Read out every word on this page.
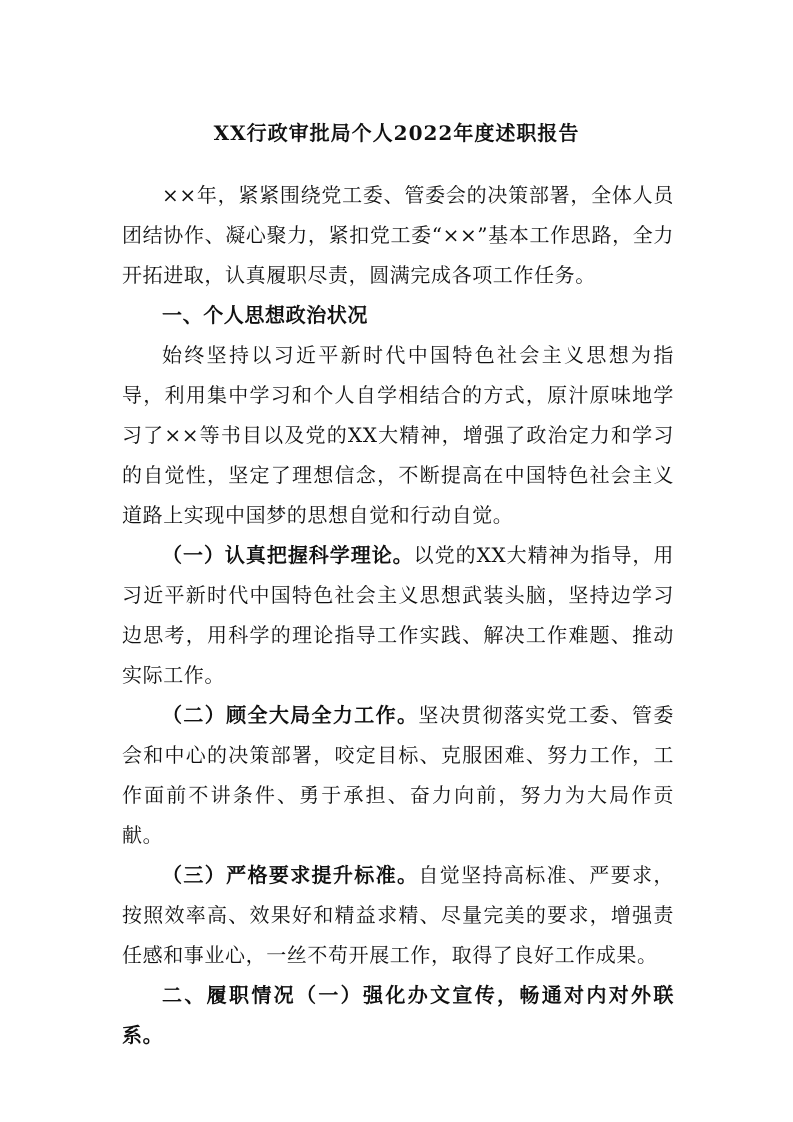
XX行政审批局个人2022年度述职报告

××年，紧紧围绕党工委、管委会的决策部署，全体人员团结协作、凝心聚力，紧扣党工委“××”基本工作思路，全力开拓进取，认真履职尽责，圆满完成各项工作任务。

一、个人思想政治状况

始终坚持以习近平新时代中国特色社会主义思想为指导，利用集中学习和个人自学相结合的方式，原汁原味地学习了××等书目以及党的XX大精神，增强了政治定力和学习的自觉性，坚定了理想信念，不断提高在中国特色社会主义道路上实现中国梦的思想自觉和行动自觉。

（一）认真把握科学理论。以党的XX大精神为指导，用习近平新时代中国特色社会主义思想武装头脑，坚持边学习边思考，用科学的理论指导工作实践、解决工作难题、推动实际工作。

（二）顾全大局全力工作。坚决贯彻落实党工委、管委会和中心的决策部署，咬定目标、克服困难、努力工作，工作面前不讲条件、勇于承担、奋力向前，努力为大局作贡献。

（三）严格要求提升标准。自觉坚持高标准、严要求，按照效率高、效果好和精益求精、尽量完美的要求，增强责任感和事业心，一丝不苟开展工作，取得了良好工作成果。

二、履职情况（一）强化办文宣传，畅通对内对外联系。
